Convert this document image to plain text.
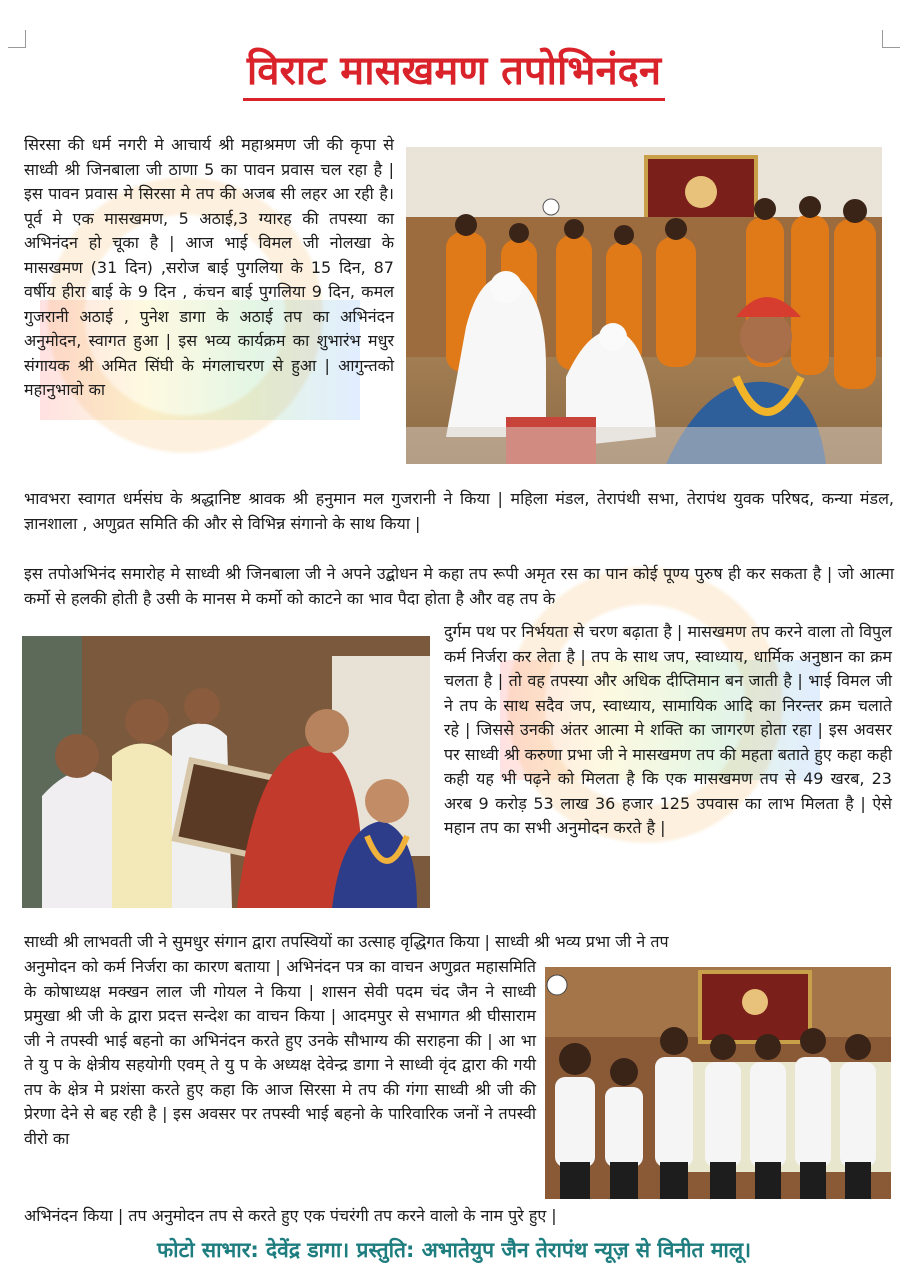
विराट मासखमण तपोभिनंदन
सिरसा की धर्म नगरी मे आचार्य श्री महाश्रमण जी की कृपा से साध्वी श्री जिनबाला जी ठाणा 5 का पावन प्रवास चल रहा है | इस पावन प्रवास मे सिरसा मे तप की अजब सी लहर आ रही है। पूर्व मे एक मासखमण, 5 अठाई,3 ग्यारह की तपस्या का अभिनंदन हो चूका है | आज भाई विमल जी नोलखा के मासखमण (31 दिन) ,सरोज बाई पुगलिया के 15 दिन, 87 वर्षीय हीरा बाई के 9 दिन , कंचन बाई पुगलिया 9 दिन, कमल गुजरानी अठाई , पुनेश डागा के अठाई तप का अभिनंदन अनुमोदन, स्वागत हुआ | इस भव्य कार्यक्रम का शुभारंभ मधुर संगायक श्री अमित सिंघी के मंगलाचरण से हुआ | आगुन्तको महानुभावो का
भावभरा स्वागत धर्मसंघ के श्रद्धानिष्ट श्रावक श्री हनुमान मल गुजरानी ने किया | महिला मंडल, तेरापंथी सभा, तेरापंथ युवक परिषद, कन्या मंडल, ज्ञानशाला , अणुव्रत समिति की और से विभिन्न संगानो के साथ किया |
इस तपोअभिनंद समारोह मे साध्वी श्री जिनबाला जी ने अपने उद्बोधन मे कहा तप रूपी अमृत रस का पान कोई पूण्य पुरुष ही कर सकता है | जो आत्मा कर्मो से हलकी होती है उसी के मानस मे कर्मो को काटने का भाव पैदा होता है और वह तप के
दुर्गम पथ पर निर्भयता से चरण बढ़ाता है | मासखमण तप करने वाला तो विपुल कर्म निर्जरा कर लेता है | तप के साथ जप, स्वाध्याय, धार्मिक अनुष्ठान का क्रम चलता है | तो वह तपस्या और अधिक दीप्तिमान बन जाती है | भाई विमल जी ने तप के साथ सदैव जप, स्वाध्याय, सामायिक आदि का निरन्तर क्रम चलाते रहे | जिससे उनकी अंतर आत्मा मे शक्ति का जागरण होता रहा | इस अवसर पर साध्वी श्री करुणा प्रभा जी ने मासखमण तप की महता बताते हुए कहा कही कही यह भी पढ़ने को मिलता है कि एक मासखमण तप से 49 खरब, 23 अरब 9 करोड़ 53 लाख 36 हजार 125 उपवास का लाभ मिलता है | ऐसे महान तप का सभी अनुमोदन करते है |
साध्वी श्री लाभवती जी ने सुमधुर संगान द्वारा तपस्वियों का उत्साह वृद्धिगत किया | साध्वी श्री भव्य प्रभा जी ने तप
अनुमोदन को कर्म निर्जरा का कारण बताया | अभिनंदन पत्र का वाचन अणुव्रत महासमिति के कोषाध्यक्ष मक्खन लाल जी गोयल ने किया | शासन सेवी पदम चंद जैन ने साध्वी प्रमुखा श्री जी के द्वारा प्रदत्त सन्देश का वाचन किया | आदमपुर से सभागत श्री घीसाराम जी ने तपस्वी भाई बहनो का अभिनंदन करते हुए उनके सौभाग्य की सराहना की | आ भा ते यु प के क्षेत्रीय सहयोगी एवम् ते यु प के अध्यक्ष देवेन्द्र डागा ने साध्वी वृंद द्वारा की गयी तप के क्षेत्र मे प्रशंसा करते हुए कहा कि आज सिरसा मे तप की गंगा साध्वी श्री जी की प्रेरणा देने से बह रही है | इस अवसर पर तपस्वी भाई बहनो के पारिवारिक जनों ने तपस्वी वीरो का
अभिनंदन किया | तप अनुमोदन तप से करते हुए एक पंचरंगी तप करने वालो के नाम पुरे हुए |
फोटो साभार: देवेंद्र डागा। प्रस्तुति: अभातेयुप जैन तेरापंथ न्यूज़ से विनीत मालू।
